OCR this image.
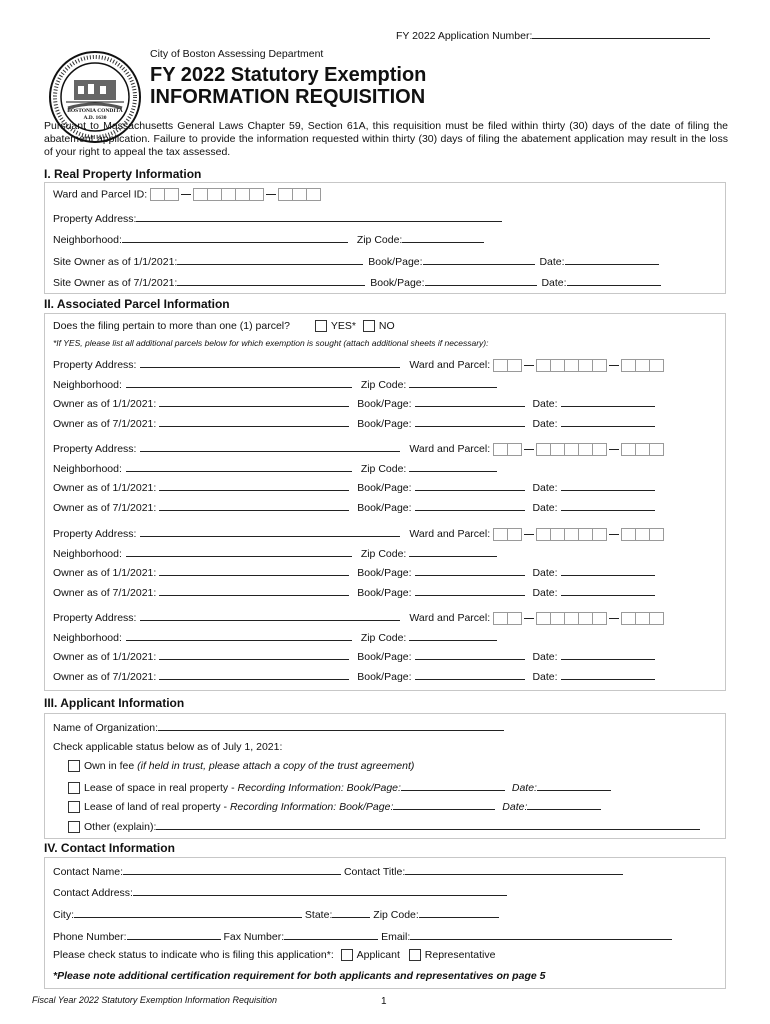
FY 2022 Application Number:
BOSTONIA CONDITA A.D. 1630
City of Boston Assessing Department
FY 2022 Statutory Exemption
INFORMATION REQUISITION
Pursuant to Massachusetts General Laws Chapter 59, Section 61A, this requisition must be filed within thirty (30) days of the date of filing the abatement application. Failure to provide the information requested within thirty (30) days of filing the abatement application may result in the loss of your right to appeal the tax assessed.
I. Real Property Information
Ward and Parcel ID:
Property Address:
Neighborhood:	Zip Code:
Site Owner as of 1/1/2021:	Book/Page:	Date:
Site Owner as of 7/1/2021:	Book/Page:	Date:
II. Associated Parcel Information
Does the filing pertain to more than one (1) parcel?	YES* NO
*If YES, please list all additional parcels below for which exemption is sought (attach additional sheets if necessary):
Property Address:	Ward and Parcel:
Neighborhood:	Zip Code:
Owner as of 1/1/2021:	Book/Page:	Date:
Owner as of 7/1/2021:	Book/Page:	Date:
Property Address:	Ward and Parcel:
Neighborhood:	Zip Code:
Owner as of 1/1/2021:	Book/Page:	Date:
Owner as of 7/1/2021:	Book/Page:	Date:
Property Address:	Ward and Parcel:
Neighborhood:	Zip Code:
Owner as of 1/1/2021:	Book/Page:	Date:
Owner as of 7/1/2021:	Book/Page:	Date:
Property Address:	Ward and Parcel:
Neighborhood:	Zip Code:
Owner as of 1/1/2021:	Book/Page:	Date:
Owner as of 7/1/2021:	Book/Page:	Date:
III. Applicant Information
Name of Organization:
Check applicable status below as of July 1, 2021:
Own in fee (if held in trust, please attach a copy of the trust agreement)
Lease of space in real property - Recording Information: Book/Page:	Date:
Lease of land of real property - Recording Information: Book/Page:	Date:
Other (explain):
IV. Contact Information
Contact Name:	Contact Title:
Contact Address:
City:	State:	Zip Code:
Phone Number:	Fax Number:	Email:
Please check status to indicate who is filing this application*: Applicant Representative
*Please note additional certification requirement for both applicants and representatives on page 5
Fiscal Year 2022 Statutory Exemption Information Requisition	1
